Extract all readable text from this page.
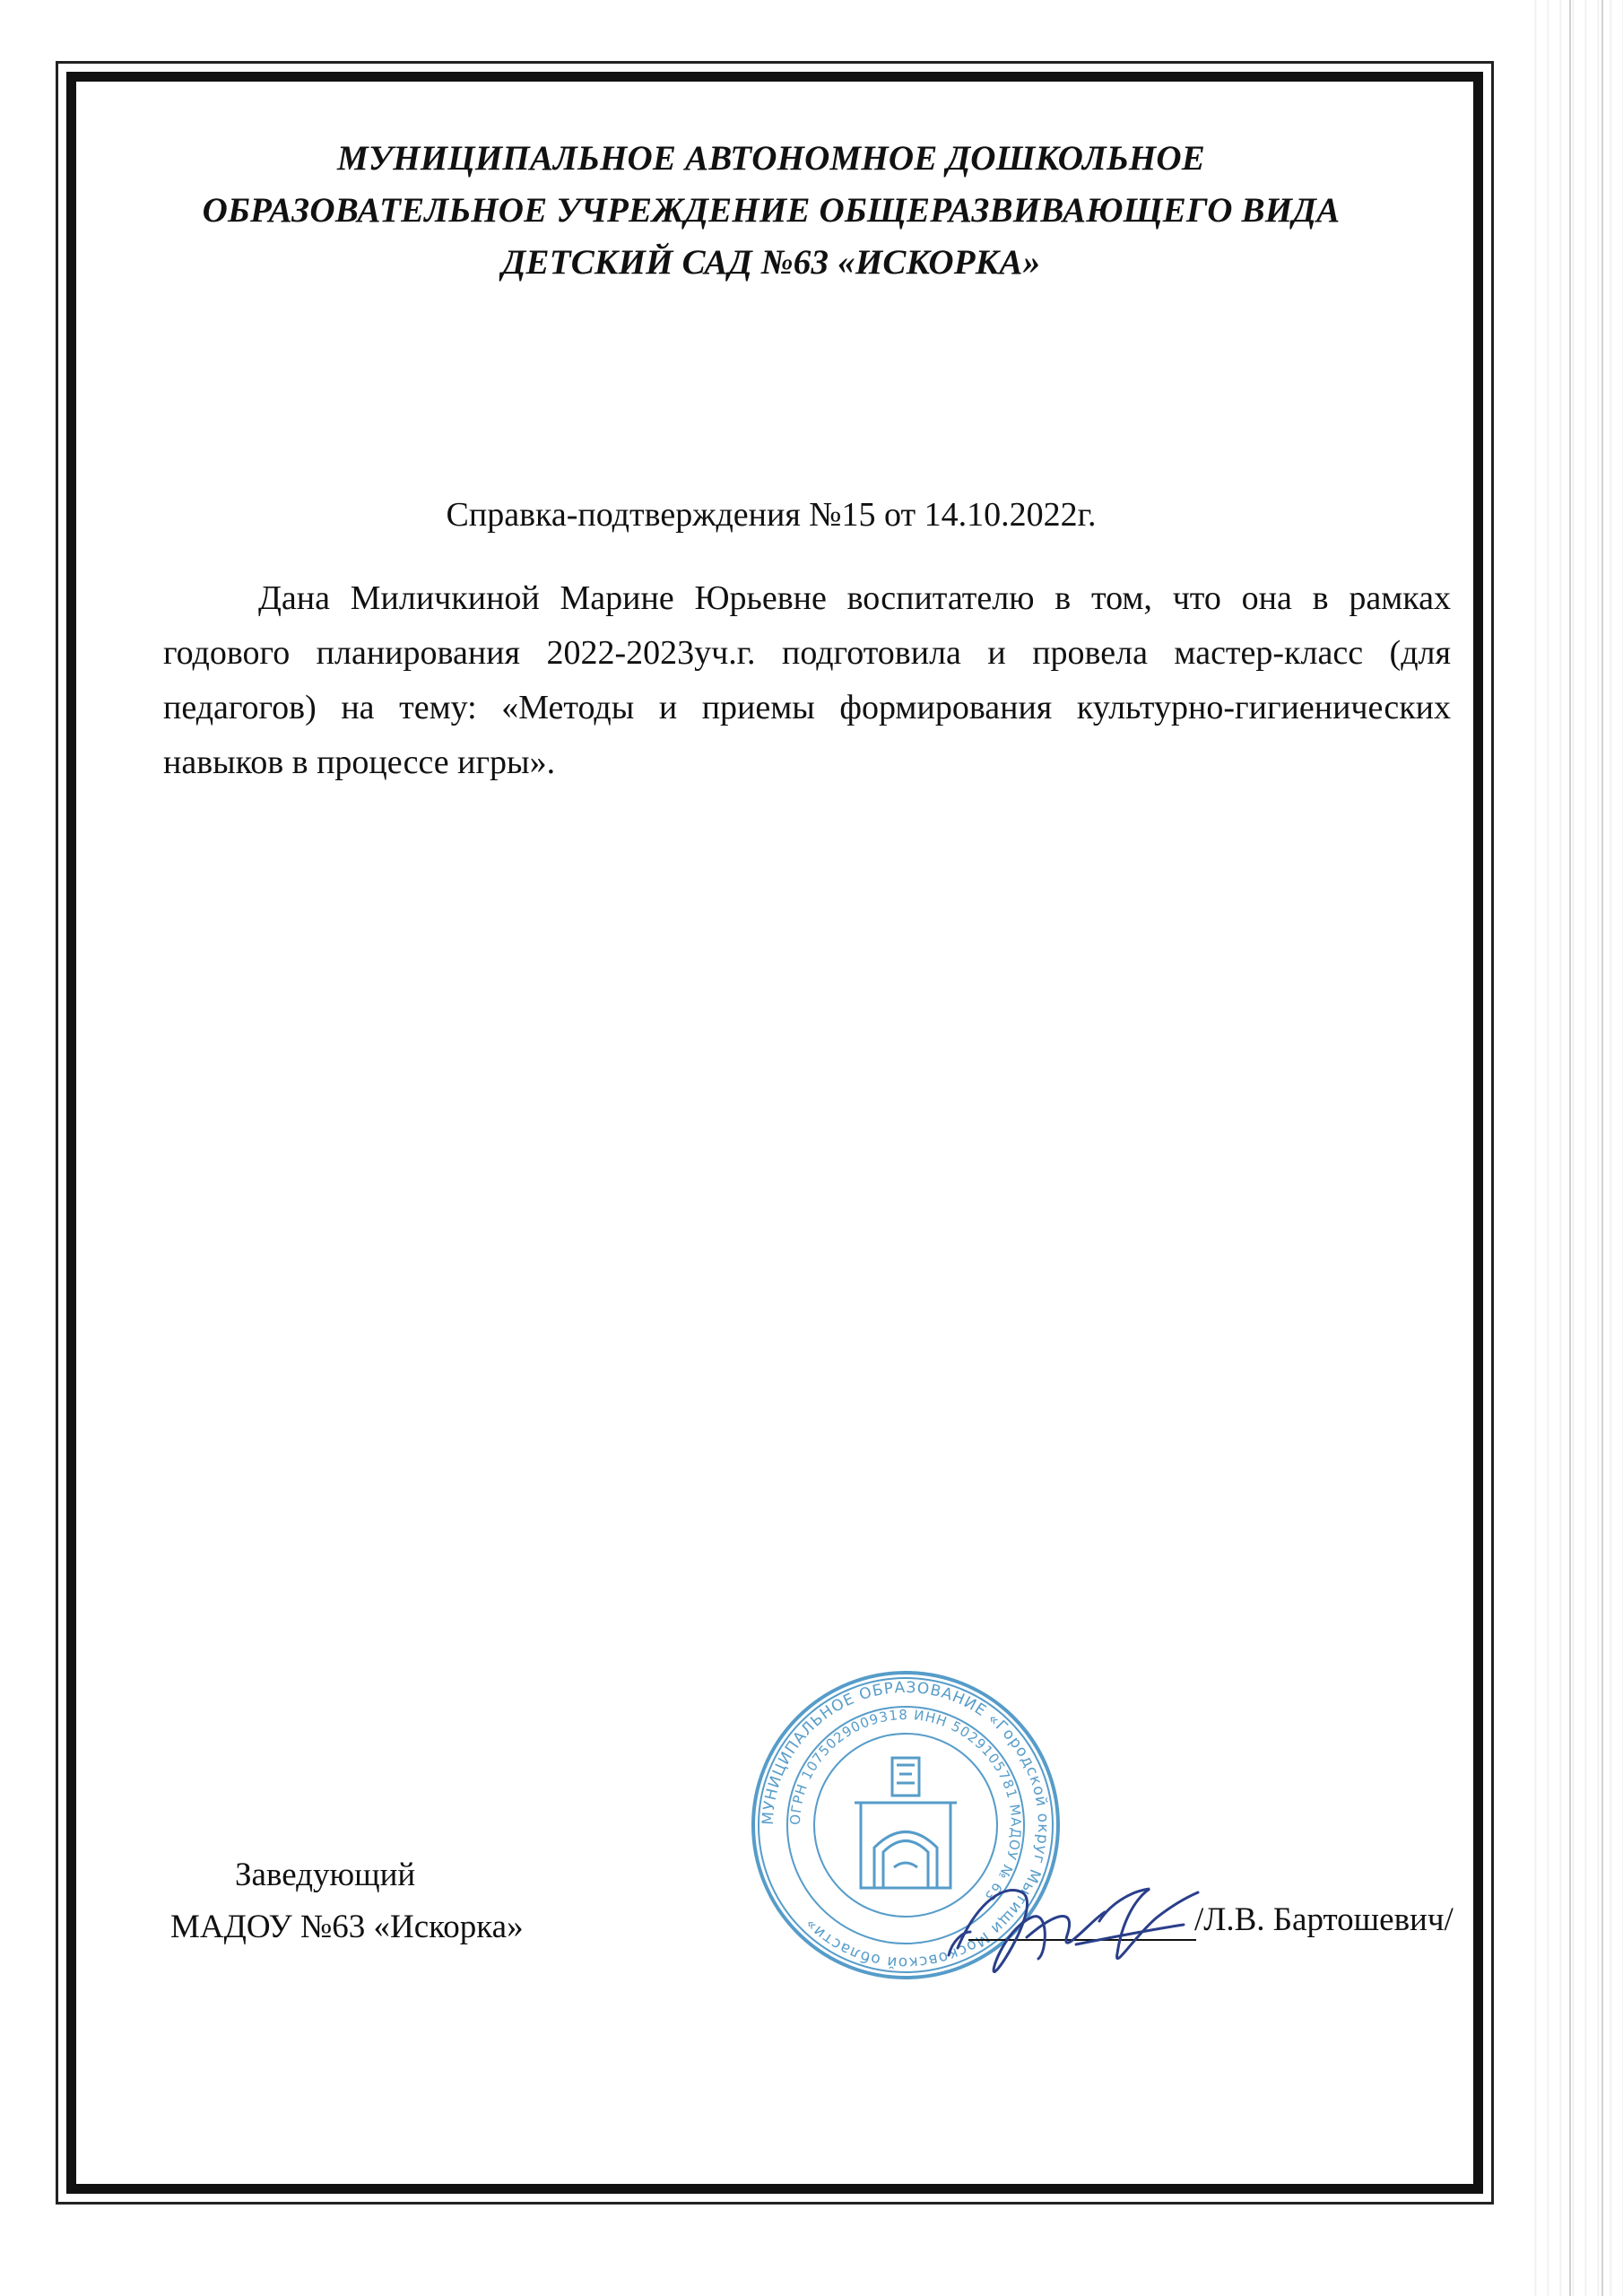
МУНИЦИПАЛЬНОЕ АВТОНОМНОЕ ДОШКОЛЬНОЕ
ОБРАЗОВАТЕЛЬНОЕ УЧРЕЖДЕНИЕ ОБЩЕРАЗВИВАЮЩЕГО ВИДА
ДЕТСКИЙ САД №63 «ИСКОРКА»
Справка-подтверждения №15 от 14.10.2022г.

Дана Миличкиной Марине Юрьевне воспитателю в том, что она в рамках годового планирования 2022-2023уч.г. подготовила и провела мастер-класс (для педагогов) на тему: «Методы и приемы формирования культурно-гигиенических навыков в процессе игры».

Заведующий
МАДОУ №63 «Искорка»
МУНИЦИПАЛЬНОЕ ОБРАЗОВАНИЕ «Городской округ Мытищи Московской области»
ОГРН 1075029009318 ИНН 5029105781 МАДОУ № 63
/Л.В. Бартошевич/
